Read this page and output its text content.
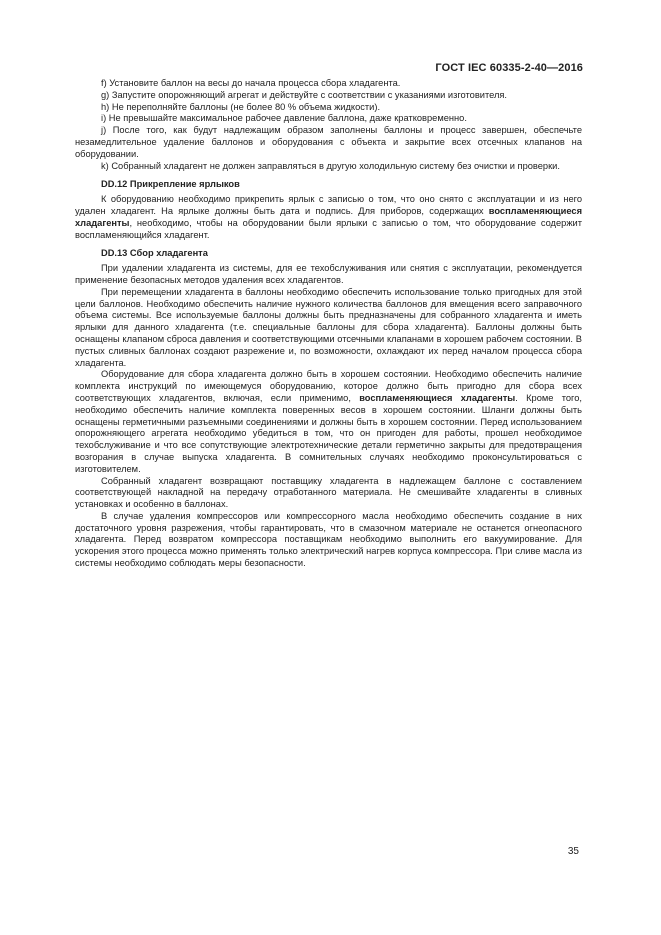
ГОСТ IEC 60335-2-40—2016

f) Установите баллон на весы до начала процесса сбора хладагента.

g) Запустите опорожняющий агрегат и действуйте с соответствии с указаниями изготовителя.

h) Не переполняйте баллоны (не более 80 % объема жидкости).

i) Не превышайте максимальное рабочее давление баллона, даже кратковременно.

j) После того, как будут надлежащим образом заполнены баллоны и процесс завершен, обеспечьте незамедлительное удаление баллонов и оборудования с объекта и закрытие всех отсечных клапанов на оборудовании.

k) Собранный хладагент не должен заправляться в другую холодильную систему без очистки и проверки.

DD.12 Прикрепление ярлыков

К оборудованию необходимо прикрепить ярлык с записью о том, что оно снято с эксплуатации и из него удален хладагент. На ярлыке должны быть дата и подпись. Для приборов, содержащих воспламеняющиеся хладагенты, необходимо, чтобы на оборудовании были ярлыки с записью о том, что оборудование содержит воспламеняющийся хладагент.

DD.13 Сбор хладагента

При удалении хладагента из системы, для ее техобслуживания или снятия с эксплуатации, рекомендуется применение безопасных методов удаления всех хладагентов.

При перемещении хладагента в баллоны необходимо обеспечить использование только пригодных для этой цели баллонов. Необходимо обеспечить наличие нужного количества баллонов для вмещения всего заправочного объема системы. Все используемые баллоны должны быть предназначены для собранного хладагента и иметь ярлыки для данного хладагента (т.е. специальные баллоны для сбора хладагента). Баллоны должны быть оснащены клапаном сброса давления и соответствующими отсечными клапанами в хорошем рабочем состоянии. В пустых сливных баллонах создают разрежение и, по возможности, охлаждают их перед началом процесса сбора хладагента.

Оборудование для сбора хладагента должно быть в хорошем состоянии. Необходимо обеспечить наличие комплекта инструкций по имеющемуся оборудованию, которое должно быть пригодно для сбора всех соответствующих хладагентов, включая, если применимо, воспламеняющиеся хладагенты. Кроме того, необходимо обеспечить наличие комплекта поверенных весов в хорошем состоянии. Шланги должны быть оснащены герметичными разъемными соединениями и должны быть в хорошем состоянии. Перед использованием опорожняющего агрегата необходимо убедиться в том, что он пригоден для работы, прошел необходимое техобслуживание и что все сопутствующие электротехнические детали герметично закрыты для предотвращения возгорания в случае выпуска хладагента. В сомнительных случаях необходимо проконсультироваться с изготовителем.

Собранный хладагент возвращают поставщику хладагента в надлежащем баллоне с составлением соответствующей накладной на передачу отработанного материала. Не смешивайте хладагенты в сливных установках и особенно в баллонах.

В случае удаления компрессоров или компрессорного масла необходимо обеспечить создание в них достаточного уровня разрежения, чтобы гарантировать, что в смазочном материале не останется огнеопасного хладагента. Перед возвратом компрессора поставщикам необходимо выполнить его вакуумирование. Для ускорения этого процесса можно применять только электрический нагрев корпуса компрессора. При сливе масла из системы необходимо соблюдать меры безопасности.

35
